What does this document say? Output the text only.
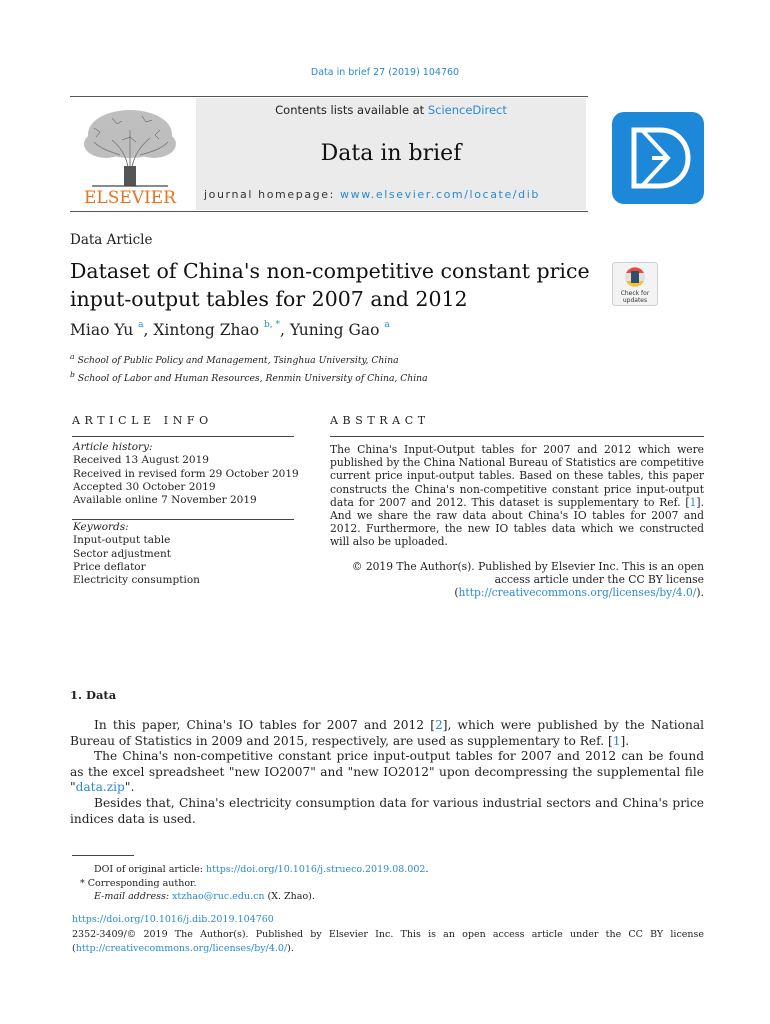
Data in brief 27 (2019) 104760
ELSEVIER
Contents lists available at ScienceDirect
Data in brief
journal homepage: www.elsevier.com/locate/dib
Data Article
Dataset of China's non-competitive constant price input-output tables for 2007 and 2012	Check for
updates
Miao Yu $^a$, Xintong Zhao $^{b, *}$, Yuning Gao $^a$
$^a$ School of Public Policy and Management, Tsinghua University, China
$^b$ School of Labor and Human Resources, Renmin University of China, China
ARTICLE INFO
Article history:
Received 13 August 2019
Received in revised form 29 October 2019
Accepted 30 October 2019
Available online 7 November 2019
Keywords:
Input-output table
Sector adjustment
Price deflator
Electricity consumption
ABSTRACT
The China's Input-Output tables for 2007 and 2012 which were published by the China National Bureau of Statistics are competitive current price input-output tables. Based on these tables, this paper constructs the China's non-competitive constant price input-output data for 2007 and 2012. This dataset is supplementary to Ref. [1]. And we share the raw data about China's IO tables for 2007 and 2012. Furthermore, the new IO tables data which we constructed will also be uploaded.
© 2019 The Author(s). Published by Elsevier Inc. This is an open access article under the CC BY license (http://creativecommons.org/licenses/by/4.0/).
1. Data

In this paper, China's IO tables for 2007 and 2012 [2], which were published by the National Bureau of Statistics in 2009 and 2015, respectively, are used as supplementary to Ref. [1].

The China's non-competitive constant price input-output tables for 2007 and 2012 can be found as the excel spreadsheet "new IO2007" and "new IO2012" upon decompressing the supplemental file "data.zip".

Besides that, China's electricity consumption data for various industrial sectors and China's price indices data is used.

DOI of original article: https://doi.org/10.1016/j.strueco.2019.08.002.
* Corresponding author.
E-mail address: xtzhao@ruc.edu.cn (X. Zhao).
https://doi.org/10.1016/j.dib.2019.104760
2352-3409/© 2019 The Author(s). Published by Elsevier Inc. This is an open access article under the CC BY license (http://creativecommons.org/licenses/by/4.0/).
